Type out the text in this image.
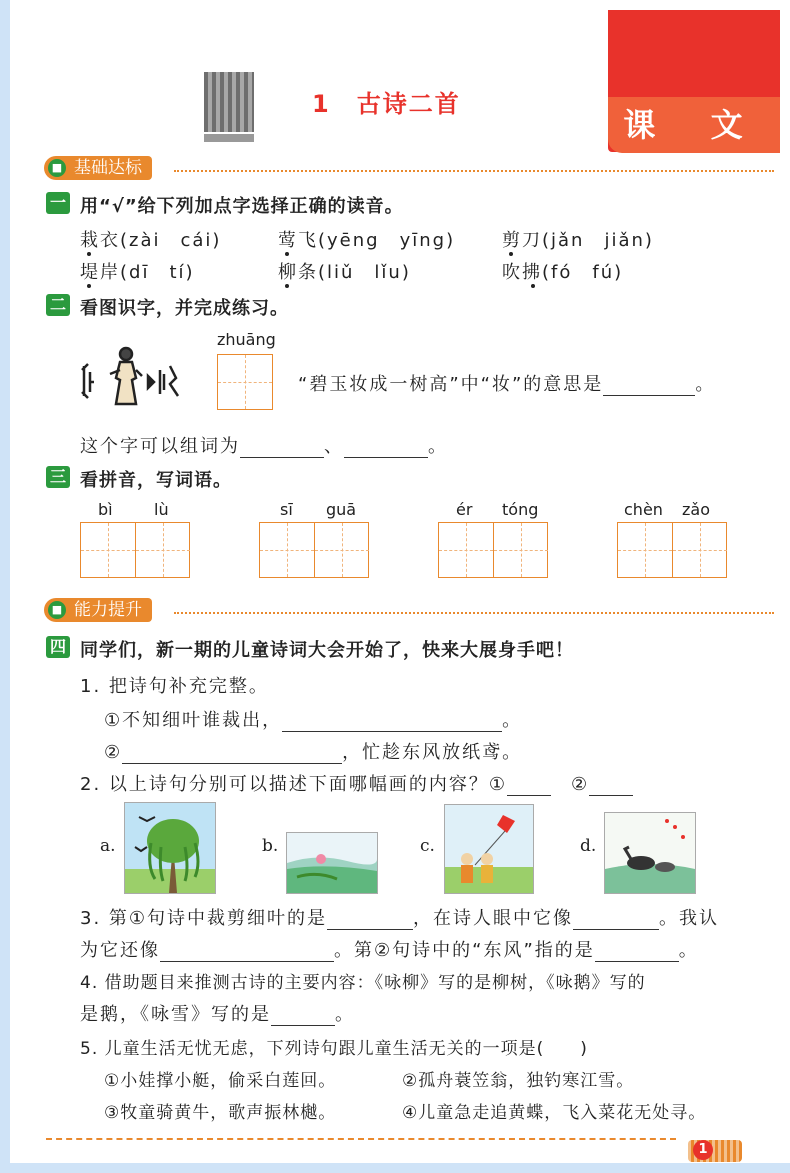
课 文
1 古诗二首
■ 基础达标
一 用“√”给下列加点字选择正确的读音。
栽衣(zài　cái)	莺飞(yēng　yīng)	剪刀(jǎn　jiǎn)
堤岸(dī　tí)	柳条(liǔ　lǐu)	吹拂(fó　fú)
二 看图识字，并完成练习。
zhuāng
“碧玉妆成一树高”中“妆”的意思是	。
这个字可以组词为	、	。
三 看拼音，写词语。
bì	lù	sī guā	ér tóng	chèn zǎo
■ 能力提升
四 同学们，新一期的儿童诗词大会开始了，快来大展身手吧！
1. 把诗句补充完整。
①不知细叶谁裁出，	。
②	，忙趁东风放纸鸢。
2. 以上诗句分别可以描述下面哪幅画的内容？①　	②
a.	b.	c.	d.
3. 第①句诗中裁剪细叶的是	，在诗人眼中它像	。我认
为它还像	。第②句诗中的“东风”指的是	。
4. 借助题目来推测古诗的主要内容：《咏柳》写的是柳树，《咏鹅》写的
是鹅，《咏雪》写的是	。
5. 儿童生活无忧无虑，下列诗句跟儿童生活无关的一项是(　　)
①小娃撑小艇，偷采白莲回。	②孤舟蓑笠翁，独钓寒江雪。
③牧童骑黄牛，歌声振林樾。	④儿童急走追黄蝶，飞入菜花无处寻。
1
